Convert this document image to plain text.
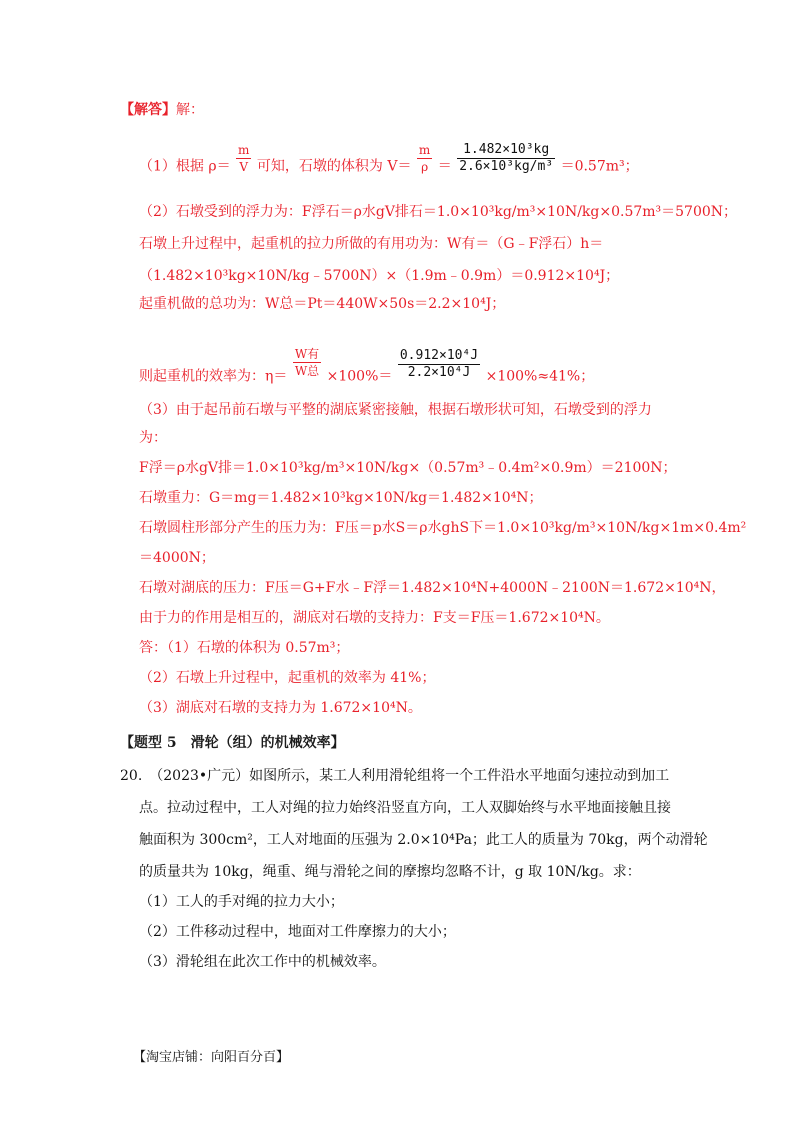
【解答】解：
（1）根据 $\rho= \frac{m}{V}$ 可知，石墩的体积为 $V= \frac{m}{\rho} = \frac{\text{1.482×10³kg}}{\text{2.6×10³kg/m³}} =0.57m^3$；
（2）石墩受到的浮力为：F浮石＝ρ水gV排石＝1.0×10³kg/m³×10N/kg×0.57m³＝5700N；
石墩上升过程中，起重机的拉力所做的有用功为：W有＝（G﹣F浮石）h＝
（1.482×10³kg×10N/kg﹣5700N）×（1.9m﹣0.9m）＝0.912×10⁴J；
起重机做的总功为：W总＝Pt＝440W×50s＝2.2×10⁴J；
则起重机的效率为：$\eta= \frac{\text{W有}}{\text{W总}} \times 100\%= \frac{\text{0.912×10⁴J}}{\text{2.2×10⁴J}} \times 100\%\approx 41\%$；
（3）由于起吊前石墩与平整的湖底紧密接触，根据石墩形状可知，石墩受到的浮力
为：
F浮＝ρ水gV排＝1.0×10³kg/m³×10N/kg×（0.57m³﹣0.4m²×0.9m）＝2100N；
石墩重力：G＝mg＝1.482×10³kg×10N/kg＝1.482×10⁴N；
石墩圆柱形部分产生的压力为：F压＝p水S＝ρ水ghS下＝1.0×10³kg/m³×10N/kg×1m×0.4m²
＝4000N；
石墩对湖底的压力：F压＝G+F水﹣F浮＝1.482×10⁴N+4000N﹣2100N＝1.672×10⁴N，
由于力的作用是相互的，湖底对石墩的支持力：F支＝F压＝1.672×10⁴N。
答：（1）石墩的体积为 0.57m³；
（2）石墩上升过程中，起重机的效率为 41%；
（3）湖底对石墩的支持力为 1.672×10⁴N。
【题型 5　滑轮（组）的机械效率】
20.　（2023•广元）如图所示，某工人利用滑轮组将一个工件沿水平地面匀速拉动到加工
点。拉动过程中，工人对绳的拉力始终沿竖直方向，工人双脚始终与水平地面接触且接
触面积为 300cm²，工人对地面的压强为 2.0×10⁴Pa；此工人的质量为 70kg，两个动滑轮
的质量共为 10kg，绳重、绳与滑轮之间的摩擦均忽略不计，g 取 10N/kg。求：
（1）工人的手对绳的拉力大小；
（2）工件移动过程中，地面对工件摩擦力的大小；
（3）滑轮组在此次工作中的机械效率。
【淘宝店铺：向阳百分百】
